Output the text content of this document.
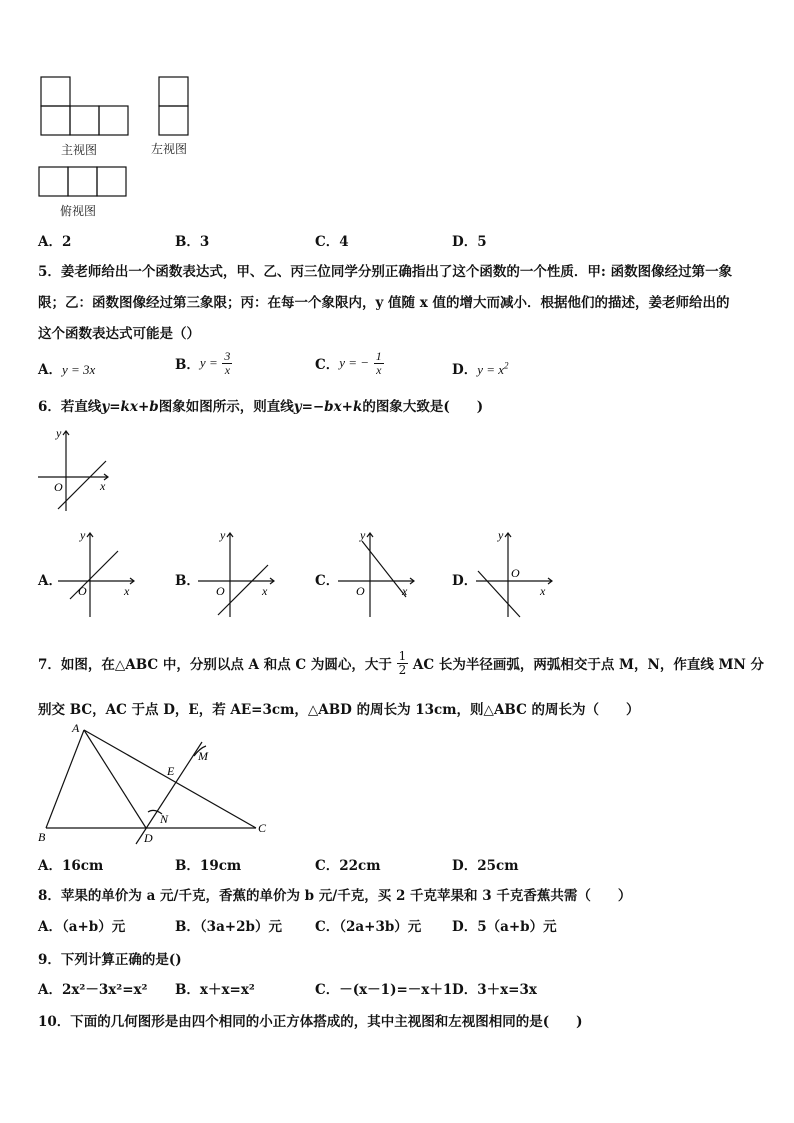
主视图	左视图
俯视图
A．2	B．3	C．4	D．5
5．姜老师给出一个函数表达式，甲、乙、丙三位同学分别正确指出了这个函数的一个性质．甲: 函数图像经过第一象
限；乙：函数图像经过第三象限；丙：在每一个象限内，y 值随 x 值的增大而减小．根据他们的描述，姜老师给出的
这个函数表达式可能是（）
A．y = 3x	B．$y = \frac{3}{x}$	C．y = − $\frac{1}{x}$	D．$y = x^2$
6．若直线y=kx+b图象如图所示，则直线y=−bx+k的图象大致是(　　)
y
x
O
A．
y
x
O
B．
y
x
O
C．
y
x
O
D．
y
x
O
7．如图，在△ABC 中，分别以点 A 和点 C 为圆心，大于 $\frac{1}{2}$ AC 长为半径画弧，两弧相交于点 M，N，作直线 MN 分
别交 BC，AC 于点 D，E，若 AE=3cm，△ABD 的周长为 13cm，则△ABC 的周长为（　　）
A
B
C
D
E
M
N
A．16cm	B．19cm	C．22cm	D．25cm
8．苹果的单价为 a 元/千克，香蕉的单价为 b 元/千克，买 2 千克苹果和 3 千克香蕉共需（　　）
A．（a+b）元	B．（3a+2b）元 C．（2a+3b）元 D．5（a+b）元
9．下列计算正确的是()
A．2x²－3x²=x² B．x＋x=x²	C．－(x－1)=－x＋1 D．3＋x=3x
10．下面的几何图形是由四个相同的小正方体搭成的，其中主视图和左视图相同的是(　　)
